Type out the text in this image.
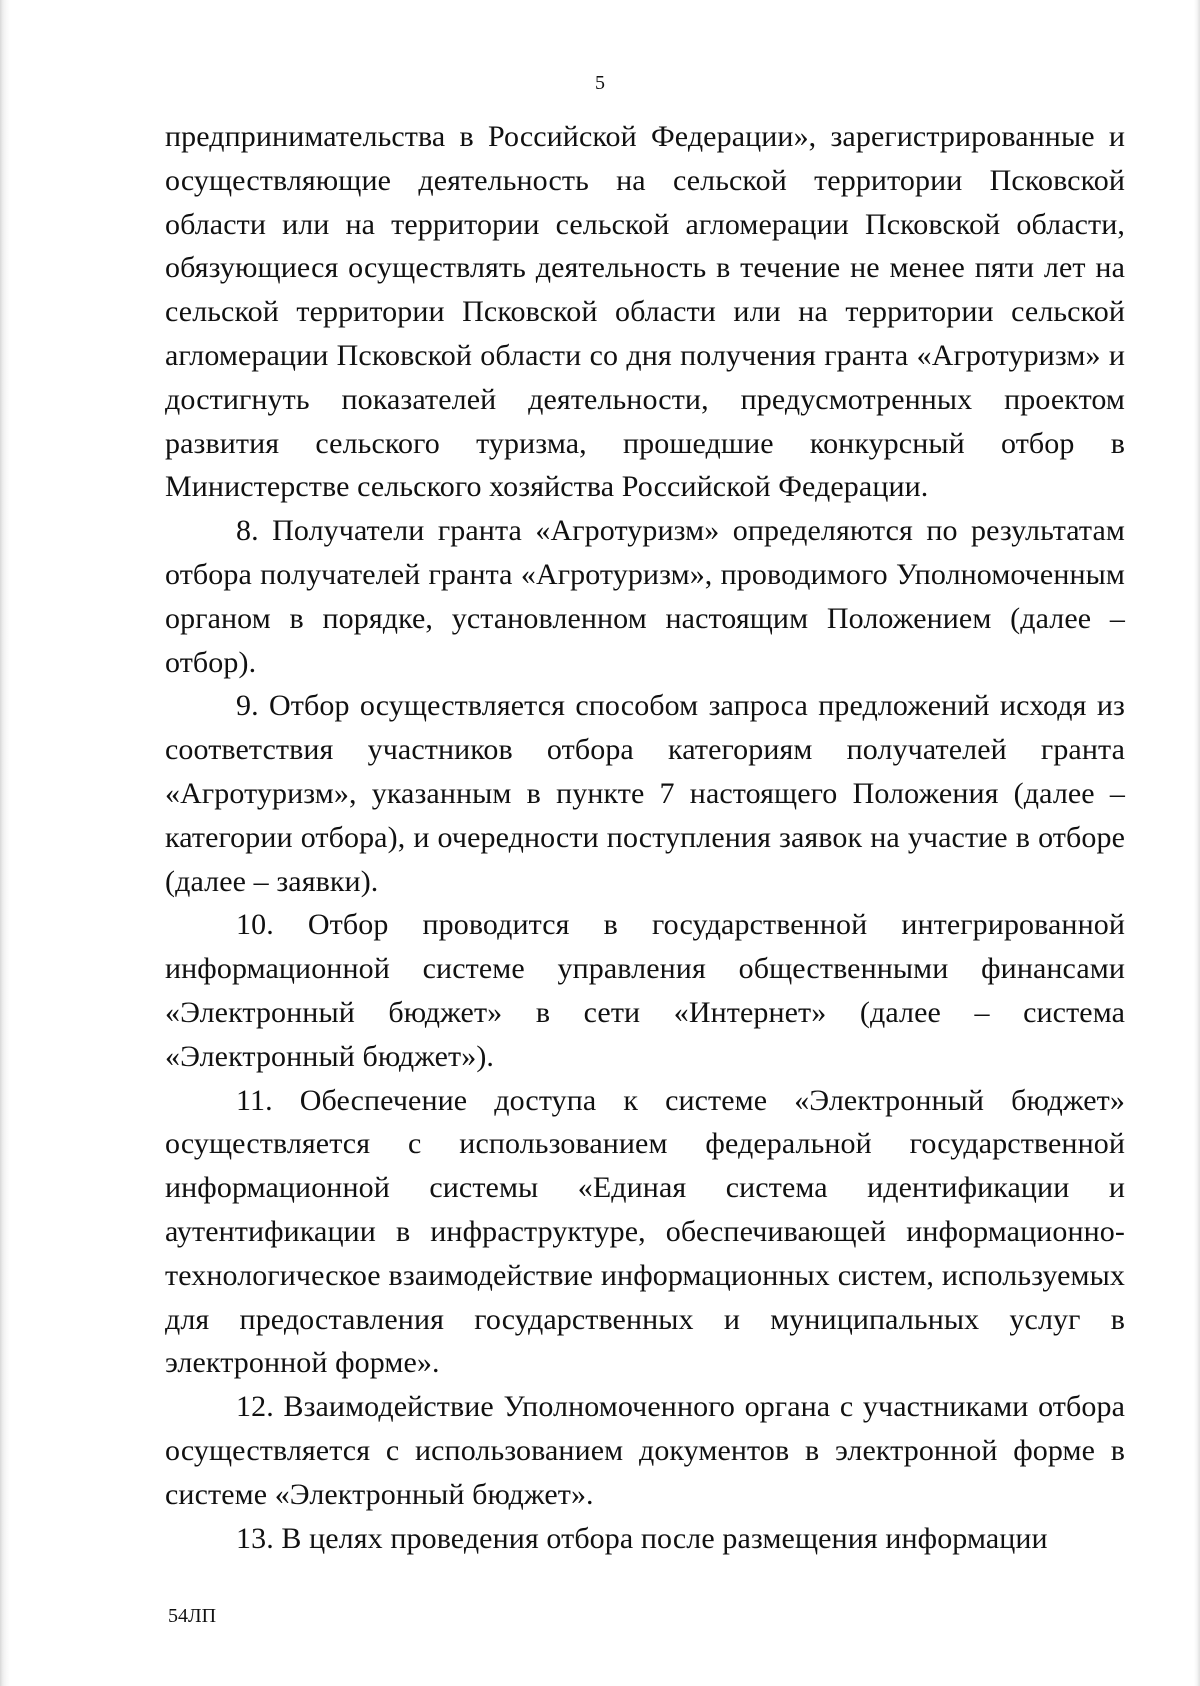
5

предпринимательства в Российской Федерации», зарегистрированные и осуществляющие деятельность на сельской территории Псковской области или на территории сельской агломерации Псковской области, обязующиеся осуществлять деятельность в течение не менее пяти лет на сельской территории Псковской области или на территории сельской агломерации Псковской области со дня получения гранта «Агротуризм» и достигнуть показателей деятельности, предусмотренных проектом развития сельского туризма, прошедшие конкурсный отбор в Министерстве сельского хозяйства Российской Федерации.

8. Получатели гранта «Агротуризм» определяются по результатам отбора получателей гранта «Агротуризм», проводимого Уполномоченным органом в порядке, установленном настоящим Положением (далее – отбор).

9. Отбор осуществляется способом запроса предложений исходя из соответствия участников отбора категориям получателей гранта «Агротуризм», указанным в пункте 7 настоящего Положения (далее – категории отбора), и очередности поступления заявок на участие в отборе (далее – заявки).

10. Отбор проводится в государственной интегрированной информационной системе управления общественными финансами «Электронный бюджет» в сети «Интернет» (далее – система «Электронный бюджет»).

11. Обеспечение доступа к системе «Электронный бюджет» осуществляется с использованием федеральной государственной информационной системы «Единая система идентификации и аутентификации в инфраструктуре, обеспечивающей информационно-технологическое взаимодействие информационных систем, используемых для предоставления государственных и муниципальных услуг в электронной форме».

12. Взаимодействие Уполномоченного органа с участниками отбора осуществляется с использованием документов в электронной форме в системе «Электронный бюджет».

13. В целях проведения отбора после размещения информации

54ЛП
